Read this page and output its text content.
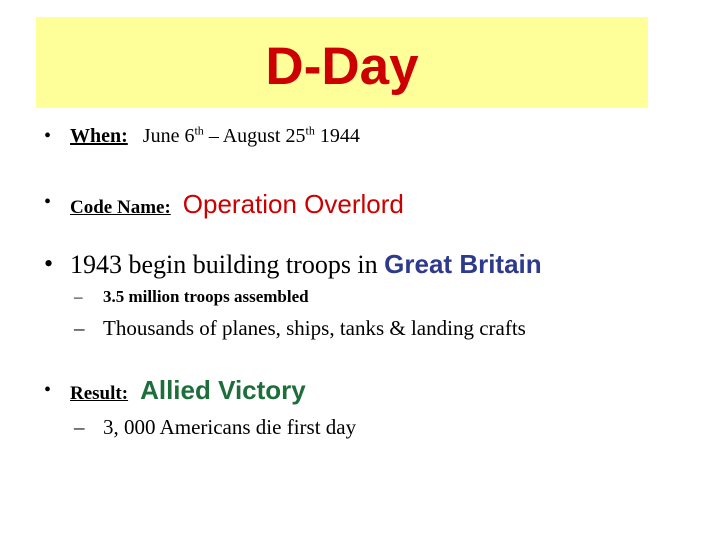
D-Day
• When: June 6th – August 25th 1944
• Code Name: Operation Overlord
• 1943 begin building troops in Great Britain
– 3.5 million troops assembled
– Thousands of planes, ships, tanks & landing crafts
• Result: Allied Victory
– 3, 000 Americans die first day
